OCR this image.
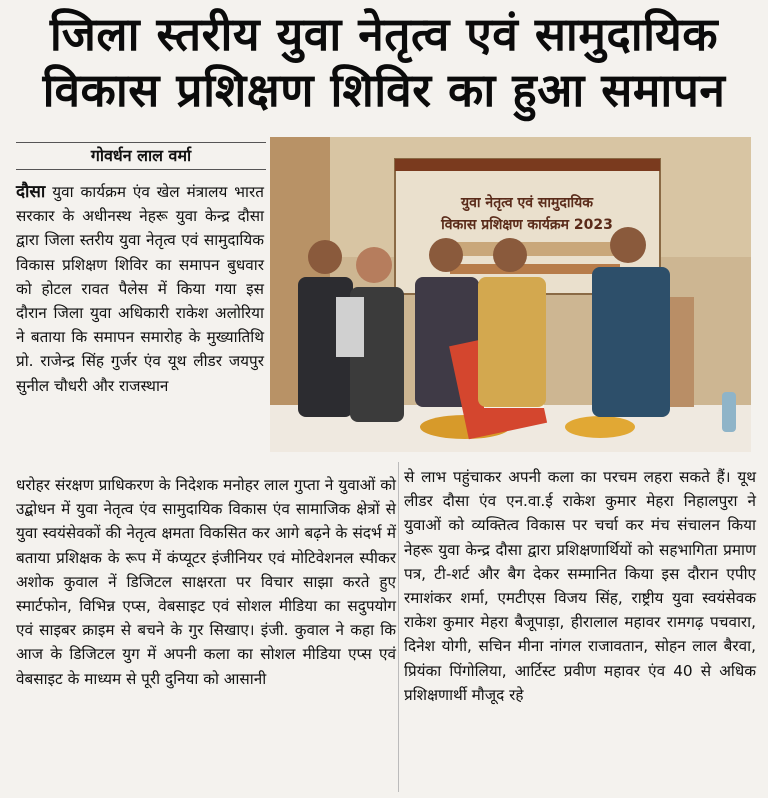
जिला स्तरीय युवा नेतृत्व एवं सामुदायिक
विकास प्रशिक्षण शिविर का हुआ समापन
गोवर्धन लाल वर्मा
युवा नेतृत्व एवं सामुदायिक
विकास प्रशिक्षण कार्यक्रम 2023
दौसा युवा कार्यक्रम एंव खेल मंत्रालय भारत सरकार के अधीनस्थ नेहरू युवा केन्द्र दौसा द्वारा जिला स्तरीय युवा नेतृत्व एवं सामुदायिक विकास प्रशिक्षण शिविर का समापन बुधवार को होटल रावत पैलेस में किया गया इस दौरान जिला युवा अधिकारी राकेश अलोरिया ने बताया कि समापन समारोह के मुख्यातिथि प्रो. राजेन्द्र सिंह गुर्जर एंव यूथ लीडर जयपुर सुनील चौधरी और राजस्थान
धरोहर संरक्षण प्राधिकरण के निदेशक मनोहर लाल गुप्ता ने युवाओं को उद्बोधन में युवा नेतृत्व एंव सामुदायिक विकास एंव सामाजिक क्षेत्रों से युवा स्वयंसेवकों की नेतृत्व क्षमता विकसित कर आगे बढ़ने के संदर्भ में बताया प्रशिक्षक के रूप में कंप्यूटर इंजीनियर एवं मोटिवेशनल स्पीकर अशोक कुवाल नें डिजिटल साक्षरता पर विचार साझा करते हुए स्मार्टफोन, विभिन्न एप्स, वेबसाइट एवं सोशल मीडिया का सदुपयोग एवं साइबर क्राइम से बचने के गुर सिखाए। इंजी. कुवाल ने कहा कि आज के डिजिटल युग में अपनी कला का सोशल मीडिया एप्स एवं वेबसाइट के माध्यम से पूरी दुनिया को आसानी
से लाभ पहुंचाकर अपनी कला का परचम लहरा सकते हैं। यूथ लीडर दौसा एंव एन.वा.ई राकेश कुमार मेहरा निहालपुरा ने युवाओं को व्यक्तित्व विकास पर चर्चा कर मंच संचालन किया नेहरू युवा केन्द्र दौसा द्वारा प्रशिक्षणार्थियों को सहभागिता प्रमाण पत्र, टी-शर्ट और बैग देकर सम्मानित किया इस दौरान एपीए रमाशंकर शर्मा, एमटीएस विजय सिंह, राष्ट्रीय युवा स्वयंसेवक राकेश कुमार मेहरा बैजूपाड़ा, हीरालाल महावर रामगढ़ पचवारा, दिनेश योगी, सचिन मीना नांगल राजावतान, सोहन लाल बैरवा, प्रियंका पिंगोलिया, आर्टिस्ट प्रवीण महावर एंव 40 से अधिक प्रशिक्षणार्थी मौजूद रहे
